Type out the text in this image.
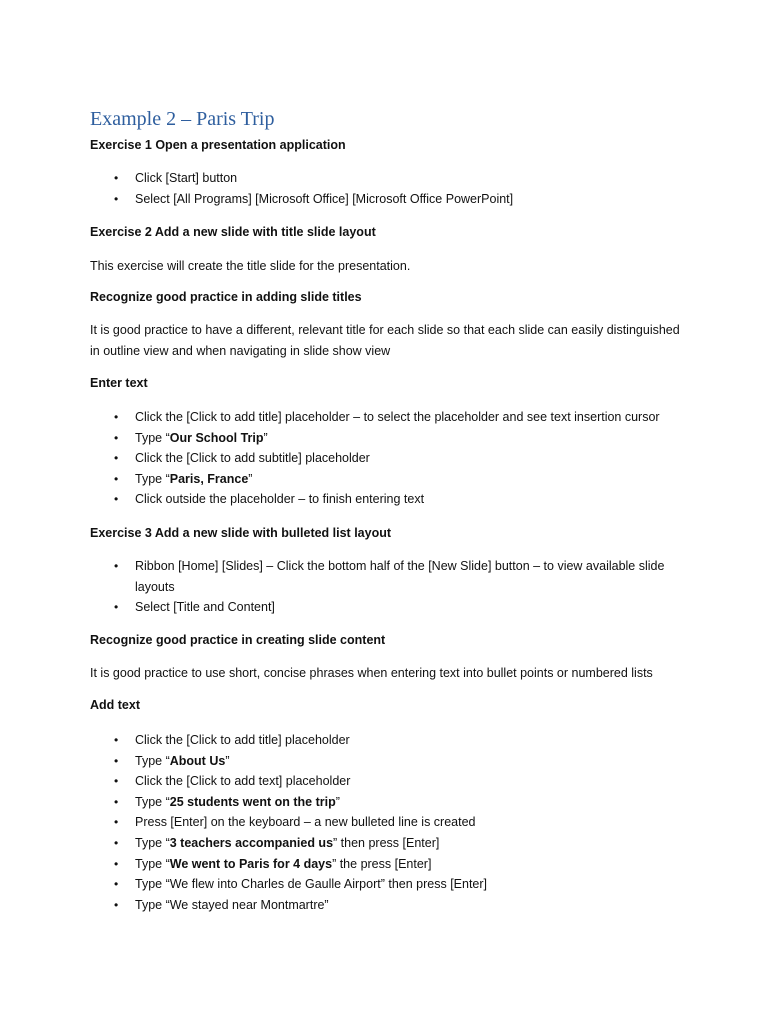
Example 2 – Paris Trip

Exercise 1 Open a presentation application

• Click [Start] button
• Select [All Programs] [Microsoft Office] [Microsoft Office PowerPoint]

Exercise 2 Add a new slide with title slide layout

This exercise will create the title slide for the presentation.

Recognize good practice in adding slide titles

It is good practice to have a different, relevant title for each slide so that each slide can easily distinguished in outline view and when navigating in slide show view

Enter text

• Click the [Click to add title] placeholder – to select the placeholder and see text insertion cursor
• Type “Our School Trip”
• Click the [Click to add subtitle] placeholder
• Type “Paris, France”
• Click outside the placeholder – to finish entering text

Exercise 3 Add a new slide with bulleted list layout

• Ribbon [Home] [Slides] – Click the bottom half of the [New Slide] button – to view available slide layouts
• Select [Title and Content]

Recognize good practice in creating slide content

It is good practice to use short, concise phrases when entering text into bullet points or numbered lists

Add text

• Click the [Click to add title] placeholder
• Type “About Us”
• Click the [Click to add text] placeholder
• Type “25 students went on the trip”
• Press [Enter] on the keyboard – a new bulleted line is created
• Type “3 teachers accompanied us” then press [Enter]
• Type “We went to Paris for 4 days” the press [Enter]
• Type “We flew into Charles de Gaulle Airport” then press [Enter]
• Type “We stayed near Montmartre”
